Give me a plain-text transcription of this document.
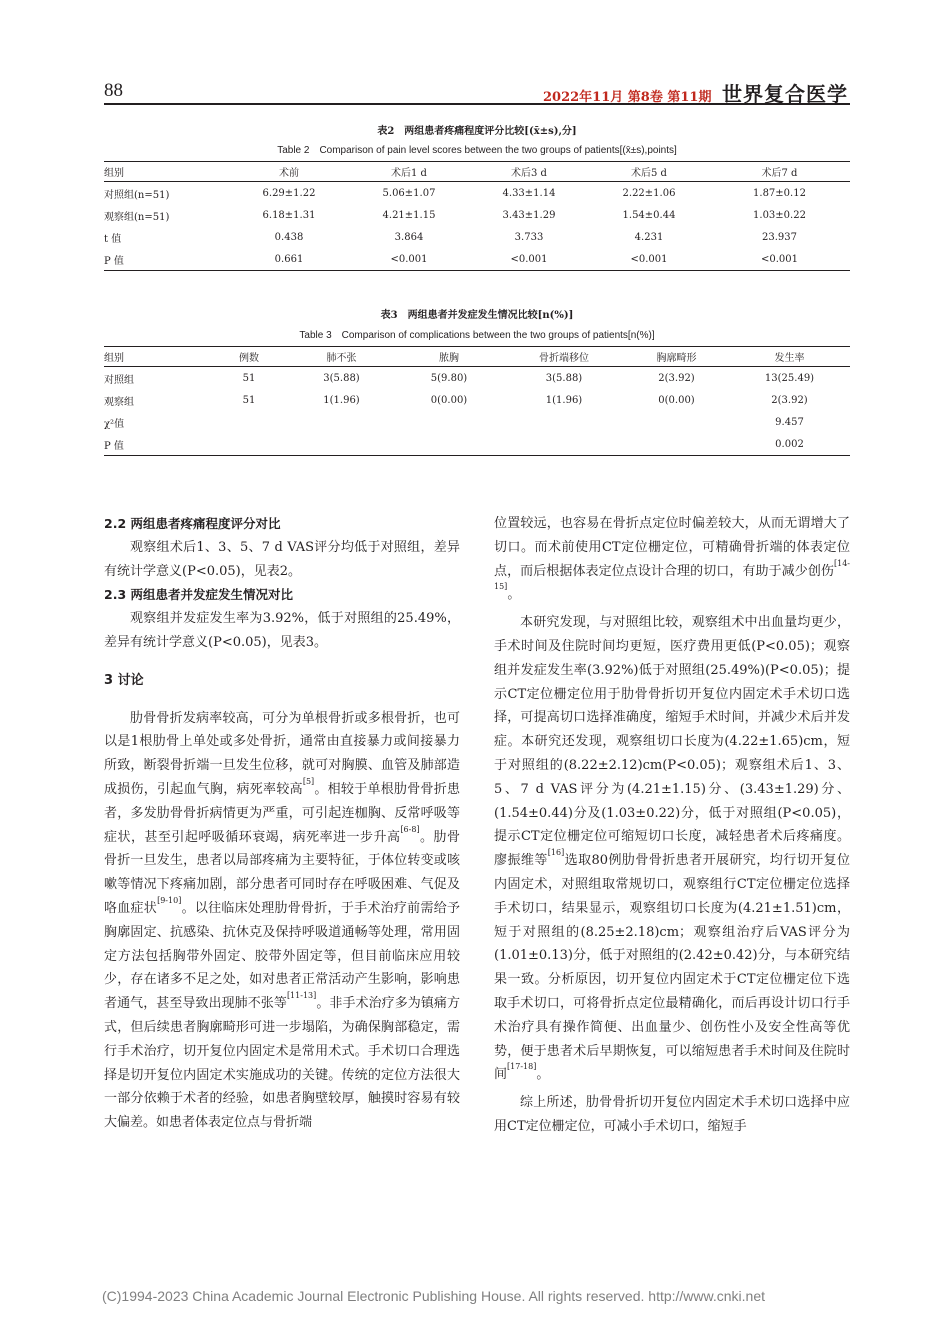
88	2022年11月 第8卷 第11期 世界复合医学
表2　两组患者疼痛程度评分比较[(x̄±s),分]
Table 2　Comparison of pain level scores between the two groups of patients[(x̄±s),points]
组别	术前	术后1 d	术后3 d	术后5 d	术后7 d
对照组(n=51)	6.29±1.22	5.06±1.07	4.33±1.14	2.22±1.06	1.87±0.12
观察组(n=51)	6.18±1.31	4.21±1.15	3.43±1.29	1.54±0.44	1.03±0.22
t 值	0.438	3.864	3.733	4.231	23.937
P 值	0.661	<0.001	<0.001	<0.001	<0.001
表3　两组患者并发症发生情况比较[n(%)]
Table 3　Comparison of complications between the two groups of patients[n(%)]
组别	例数	肺不张	脓胸	骨折端移位	胸廓畸形	发生率
对照组	51	3(5.88)	5(9.80)	3(5.88)	2(3.92)	13(25.49)
观察组	51	1(1.96)	0(0.00)	1(1.96)	0(0.00)	2(3.92)
χ²值						9.457
P 值						0.002

2.2 两组患者疼痛程度评分对比

观察组术后1、3、5、7 d VAS评分均低于对照组，差异有统计学意义(P<0.05)，见表2。

2.3 两组患者并发症发生情况对比

观察组并发症发生率为3.92%，低于对照组的25.49%，差异有统计学意义(P<0.05)，见表3。

3 讨论

肋骨骨折发病率较高，可分为单根骨折或多根骨折，也可以是1根肋骨上单处或多处骨折，通常由直接暴力或间接暴力所致，断裂骨折端一旦发生位移，就可对胸膜、血管及肺部造成损伤，引起血气胸，病死率较高[5]。相较于单根肋骨骨折患者，多发肋骨骨折病情更为严重，可引起连枷胸、反常呼吸等症状，甚至引起呼吸循环衰竭，病死率进一步升高[6-8]。肋骨骨折一旦发生，患者以局部疼痛为主要特征，于体位转变或咳嗽等情况下疼痛加剧，部分患者可同时存在呼吸困难、气促及咯血症状[9-10]。以往临床处理肋骨骨折，于手术治疗前需给予胸廓固定、抗感染、抗休克及保持呼吸道通畅等处理，常用固定方法包括胸带外固定、胶带外固定等，但目前临床应用较少，存在诸多不足之处，如对患者正常活动产生影响，影响患者通气，甚至导致出现肺不张等[11-13]。非手术治疗多为镇痛方式，但后续患者胸廓畸形可进一步塌陷，为确保胸部稳定，需行手术治疗，切开复位内固定术是常用术式。手术切口合理选择是切开复位内固定术实施成功的关键。传统的定位方法很大一部分依赖于术者的经验，如患者胸壁较厚，触摸时容易有较大偏差。如患者体表定位点与骨折端

位置较远，也容易在骨折点定位时偏差较大，从而无谓增大了切口。而术前使用CT定位栅定位，可精确骨折端的体表定位点，而后根据体表定位点设计合理的切口，有助于减少创伤[14-15]。

本研究发现，与对照组比较，观察组术中出血量均更少，手术时间及住院时间均更短，医疗费用更低(P<0.05)；观察组并发症发生率(3.92%)低于对照组(25.49%)(P<0.05)；提示CT定位栅定位用于肋骨骨折切开复位内固定术手术切口选择，可提高切口选择准确度，缩短手术时间，并减少术后并发症。本研究还发现，观察组切口长度为(4.22±1.65)cm，短于对照组的(8.22±2.12)cm(P<0.05)；观察组术后1、3、5、7 d VAS评分为(4.21±1.15)分、(3.43±1.29)分、(1.54±0.44)分及(1.03±0.22)分，低于对照组(P<0.05)，提示CT定位栅定位可缩短切口长度，减轻患者术后疼痛度。廖振维等[16]选取80例肋骨骨折患者开展研究，均行切开复位内固定术，对照组取常规切口，观察组行CT定位栅定位选择手术切口，结果显示，观察组切口长度为(4.21±1.51)cm，短于对照组的(8.25±2.18)cm；观察组治疗后VAS评分为(1.01±0.13)分，低于对照组的(2.42±0.42)分，与本研究结果一致。分析原因，切开复位内固定术于CT定位栅定位下选取手术切口，可将骨折点定位最精确化，而后再设计切口行手术治疗具有操作简便、出血量少、创伤性小及安全性高等优势，便于患者术后早期恢复，可以缩短患者手术时间及住院时间[17-18]。

综上所述，肋骨骨折切开复位内固定术手术切口选择中应用CT定位栅定位，可减小手术切口，缩短手

(C)1994-2023 China Academic Journal Electronic Publishing House. All rights reserved. http://www.cnki.net
